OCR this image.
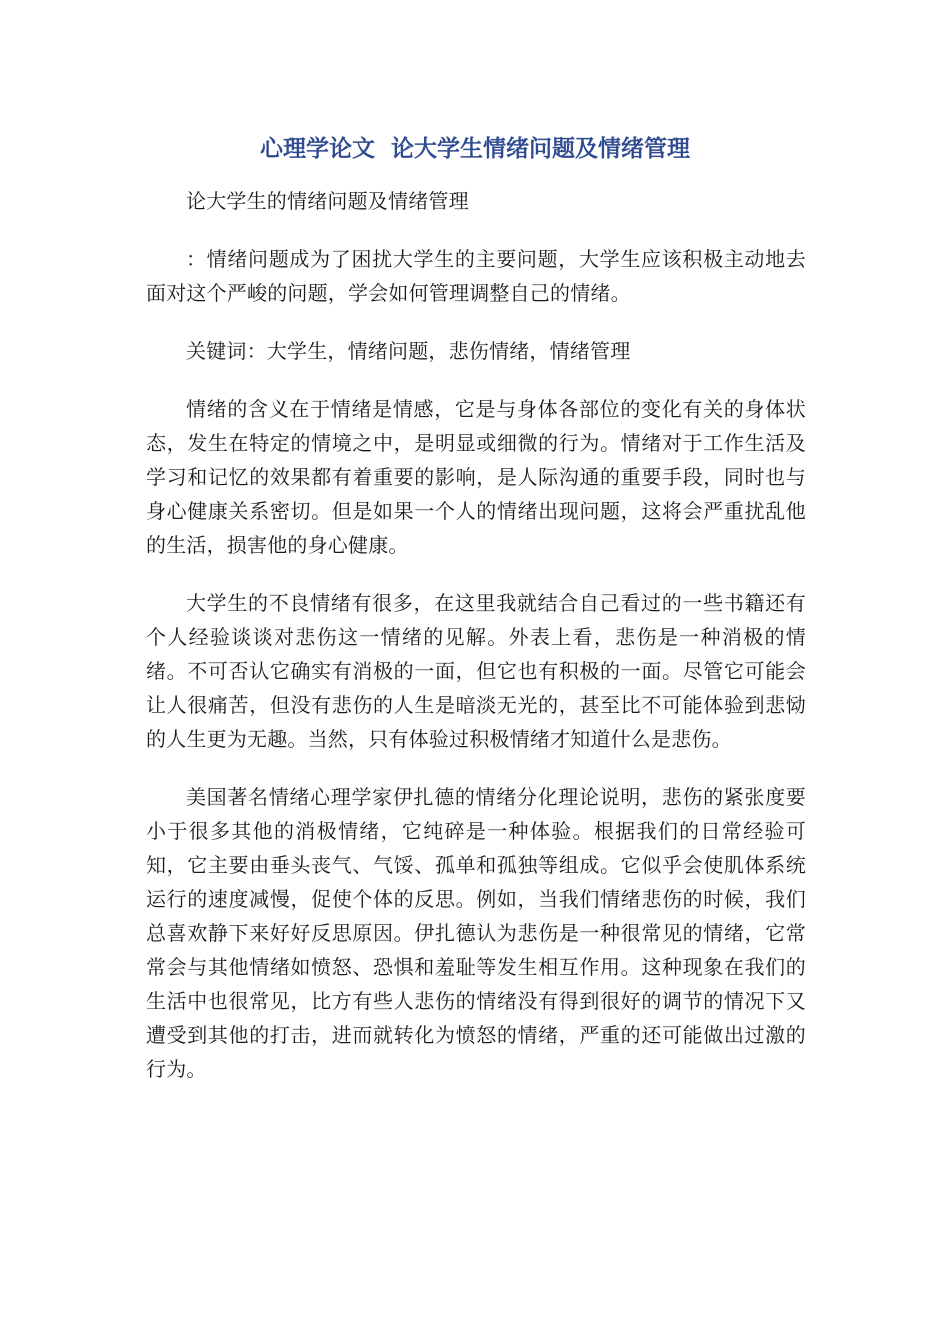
心理学论文  论大学生情绪问题及情绪管理

论大学生的情绪问题及情绪管理

：情绪问题成为了困扰大学生的主要问题，大学生应该积极主动地去面对这个严峻的问题，学会如何管理调整自己的情绪。

关键词：大学生，情绪问题，悲伤情绪，情绪管理

情绪的含义在于情绪是情感，它是与身体各部位的变化有关的身体状态，发生在特定的情境之中，是明显或细微的行为。情绪对于工作生活及学习和记忆的效果都有着重要的影响，是人际沟通的重要手段，同时也与身心健康关系密切。但是如果一个人的情绪出现问题，这将会严重扰乱他的生活，损害他的身心健康。

大学生的不良情绪有很多，在这里我就结合自己看过的一些书籍还有个人经验谈谈对悲伤这一情绪的见解。外表上看，悲伤是一种消极的情绪。不可否认它确实有消极的一面，但它也有积极的一面。尽管它可能会让人很痛苦，但没有悲伤的人生是暗淡无光的，甚至比不可能体验到悲恸的人生更为无趣。当然，只有体验过积极情绪才知道什么是悲伤。

美国著名情绪心理学家伊扎德的情绪分化理论说明，悲伤的紧张度要小于很多其他的消极情绪，它纯碎是一种体验。根据我们的日常经验可知，它主要由垂头丧气、气馁、孤单和孤独等组成。它似乎会使肌体系统运行的速度减慢，促使个体的反思。例如，当我们情绪悲伤的时候，我们总喜欢静下来好好反思原因。伊扎德认为悲伤是一种很常见的情绪，它常常会与其他情绪如愤怒、恐惧和羞耻等发生相互作用。这种现象在我们的生活中也很常见，比方有些人悲伤的情绪没有得到很好的调节的情况下又遭受到其他的打击，进而就转化为愤怒的情绪，严重的还可能做出过激的行为。
